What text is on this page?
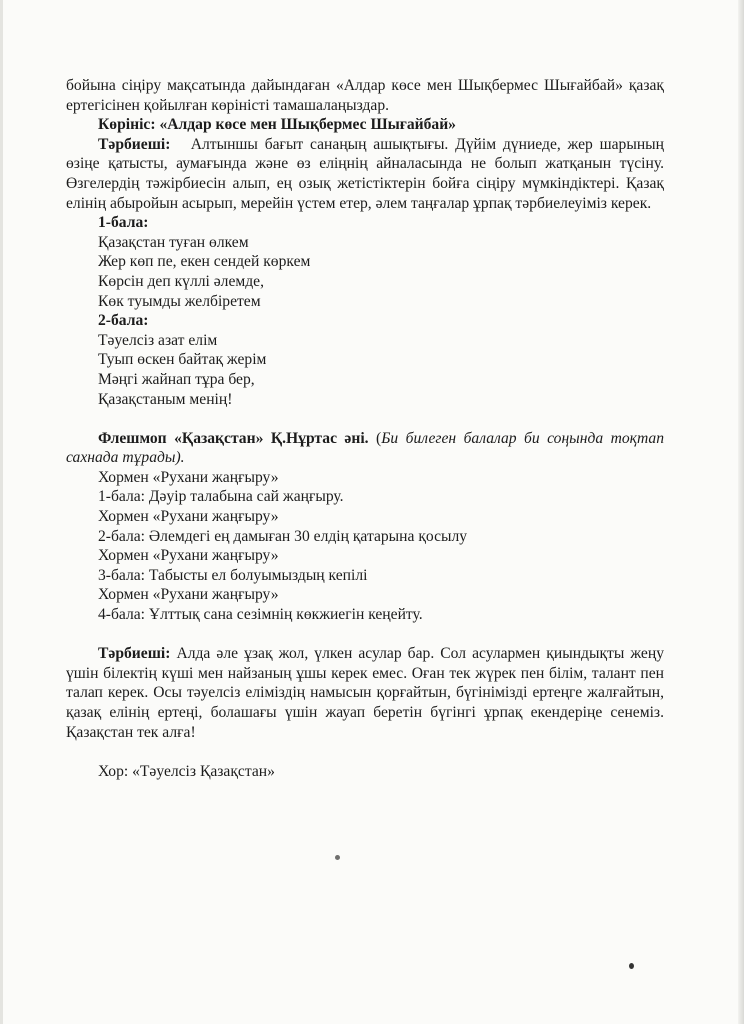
бойына сіңіру мақсатында дайындаған «Алдар көсе мен Шықбермес Шығайбай» қазақ ертегісінен қойылған көріністі тамашалаңыздар.

Көрініс: «Алдар көсе мен Шықбермес Шығайбай»

Тәрбиеші: Алтыншы бағыт санаңың ашықтығы. Дүйім дүниеде, жер шарының өзіңе қатысты, аумағында және өз еліңнің айналасында не болып жатқанын түсіну. Өзгелердің тәжірбиесін алып, ең озық жетістіктерін бойға сіңіру мүмкіндіктері. Қазақ елінің абыройын асырып, мерейін үстем етер, әлем таңғалар ұрпақ тәрбиелеуіміз керек.

1-бала:

Қазақстан туған өлкем

Жер көп пе, екен сендей көркем

Көрсін деп күллі әлемде,

Көк туымды желбіретем

2-бала:

Тәуелсіз азат елім

Туып өскен байтақ жерім

Мәңгі жайнап тұра бер,

Қазақстаным менің!

Флешмоп «Қазақстан» Қ.Нұртас әні. (Би билеген балалар би соңында тоқтап сахнада тұрады).

Хормен «Рухани жаңғыру»

1-бала: Дәуір талабына сай жаңғыру.

Хормен «Рухани жаңғыру»

2-бала: Әлемдегі ең дамыған 30 елдің қатарына қосылу

Хормен «Рухани жаңғыру»

3-бала: Табысты ел болуымыздың кепілі

Хормен «Рухани жаңғыру»

4-бала: Ұлттық сана сезімнің көкжиегін кеңейту.

Тәрбиеші: Алда әле ұзақ жол, үлкен асулар бар. Сол асулармен қиындықты жеңу үшін білектің күші мен найзаның ұшы керек емес. Оған тек жүрек пен білім, талант пен талап керек. Осы тәуелсіз еліміздің намысын қорғайтын, бүгінімізді ертеңге жалғайтын, қазақ елінің ертеңі, болашағы үшін жауап беретін бүгінгі ұрпақ екендеріңе сенеміз. Қазақстан тек алға!

Хор: «Тәуелсіз Қазақстан»
